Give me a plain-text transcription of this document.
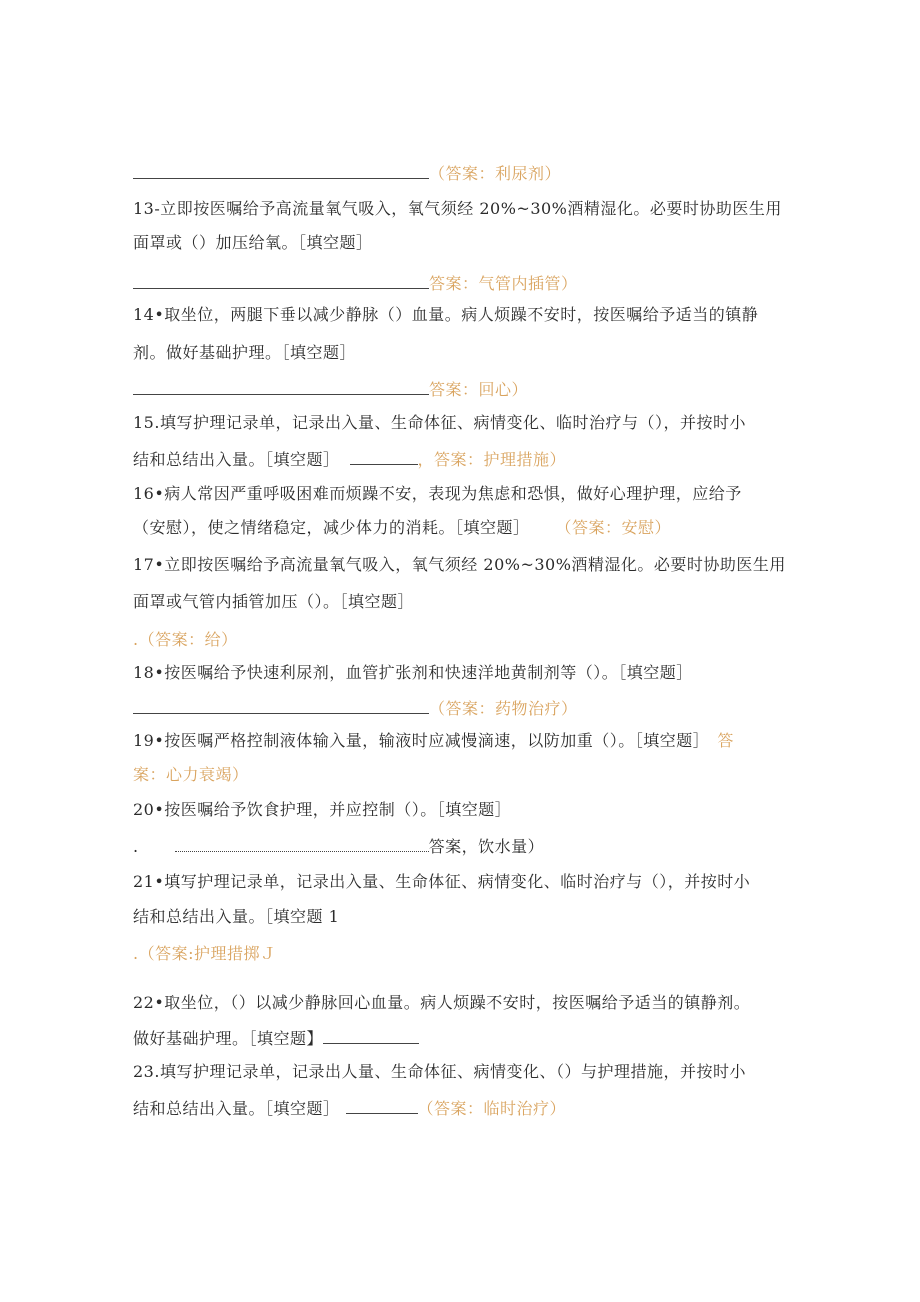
（答案：利尿剂）
13-立即按医嘱给予高流量氧气吸入，氧气须经 20%~30%酒精湿化。必要时协助医生用
面罩或（）加压给氧。［填空题］
答案：气管内插管）
14•取坐位，两腿下垂以减少静脉（）血量。病人烦躁不安时，按医嘱给予适当的镇静
剂。做好基础护理。［填空题］
答案：回心）
15.填写护理记录单，记录出入量、生命体征、病情变化、临时治疗与（），并按时小
结和总结出入量。［填空题］	，答案：护理措施）
16•病人常因严重呼吸困难而烦躁不安，表现为焦虑和恐惧，做好心理护理，应给予
（安慰），使之情绪稳定，减少体力的消耗。［填空题］ （答案：安慰）
17•立即按医嘱给予高流量氧气吸入，氧气须经 20%~30%酒精湿化。必要时协助医生用
面罩或气管内插管加压（）。［填空题］
.（答案：给）
18•按医嘱给予快速利尿剂，血管扩张剂和快速洋地黄制剂等（）。［填空题］
（答案：药物治疗）
19•按医嘱严格控制液体输入量，输液时应减慢滴速，以防加重（）。［填空题］ 答
案：心力衰竭）
20•按医嘱给予饮食护理，并应控制（）。［填空题］
.	答案，饮水量）
21•填写护理记录单，记录出入量、生命体征、病情变化、临时治疗与（），并按时小
结和总结出入量。［填空题 1
.（答案:护理措掷Ｊ
22•取坐位，（）以减少静脉回心血量。病人烦躁不安时，按医嘱给予适当的镇静剂。
做好基础护理。［填空题】
23.填写护理记录单，记录出人量、生命体征、病情变化、（）与护理措施，并按时小
结和总结出入量。［填空题］	（答案：临时治疗）
